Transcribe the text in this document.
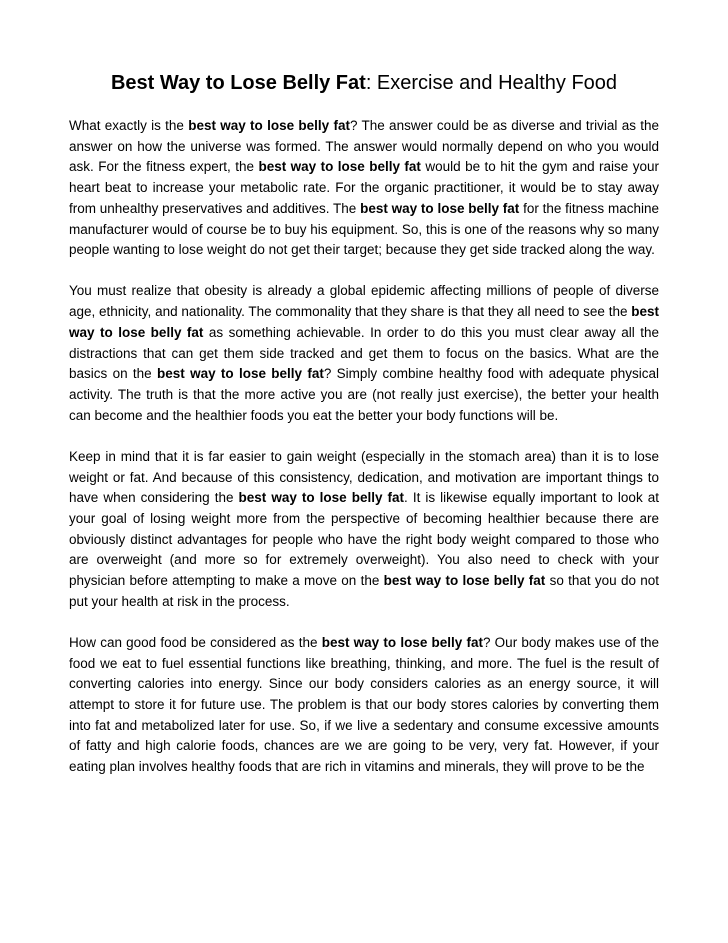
Best Way to Lose Belly Fat: Exercise and Healthy Food

What exactly is the best way to lose belly fat? The answer could be as diverse and trivial as the answer on how the universe was formed. The answer would normally depend on who you would ask. For the fitness expert, the best way to lose belly fat would be to hit the gym and raise your heart beat to increase your metabolic rate. For the organic practitioner, it would be to stay away from unhealthy preservatives and additives. The best way to lose belly fat for the fitness machine manufacturer would of course be to buy his equipment. So, this is one of the reasons why so many people wanting to lose weight do not get their target; because they get side tracked along the way.

You must realize that obesity is already a global epidemic affecting millions of people of diverse age, ethnicity, and nationality. The commonality that they share is that they all need to see the best way to lose belly fat as something achievable. In order to do this you must clear away all the distractions that can get them side tracked and get them to focus on the basics. What are the basics on the best way to lose belly fat? Simply combine healthy food with adequate physical activity. The truth is that the more active you are (not really just exercise), the better your health can become and the healthier foods you eat the better your body functions will be.

Keep in mind that it is far easier to gain weight (especially in the stomach area) than it is to lose weight or fat. And because of this consistency, dedication, and motivation are important things to have when considering the best way to lose belly fat. It is likewise equally important to look at your goal of losing weight more from the perspective of becoming healthier because there are obviously distinct advantages for people who have the right body weight compared to those who are overweight (and more so for extremely overweight). You also need to check with your physician before attempting to make a move on the best way to lose belly fat so that you do not put your health at risk in the process.

How can good food be considered as the best way to lose belly fat? Our body makes use of the food we eat to fuel essential functions like breathing, thinking, and more. The fuel is the result of converting calories into energy. Since our body considers calories as an energy source, it will attempt to store it for future use. The problem is that our body stores calories by converting them into fat and metabolized later for use. So, if we live a sedentary and consume excessive amounts of fatty and high calorie foods, chances are we are going to be very, very fat. However, if your eating plan involves healthy foods that are rich in vitamins and minerals, they will prove to be the
